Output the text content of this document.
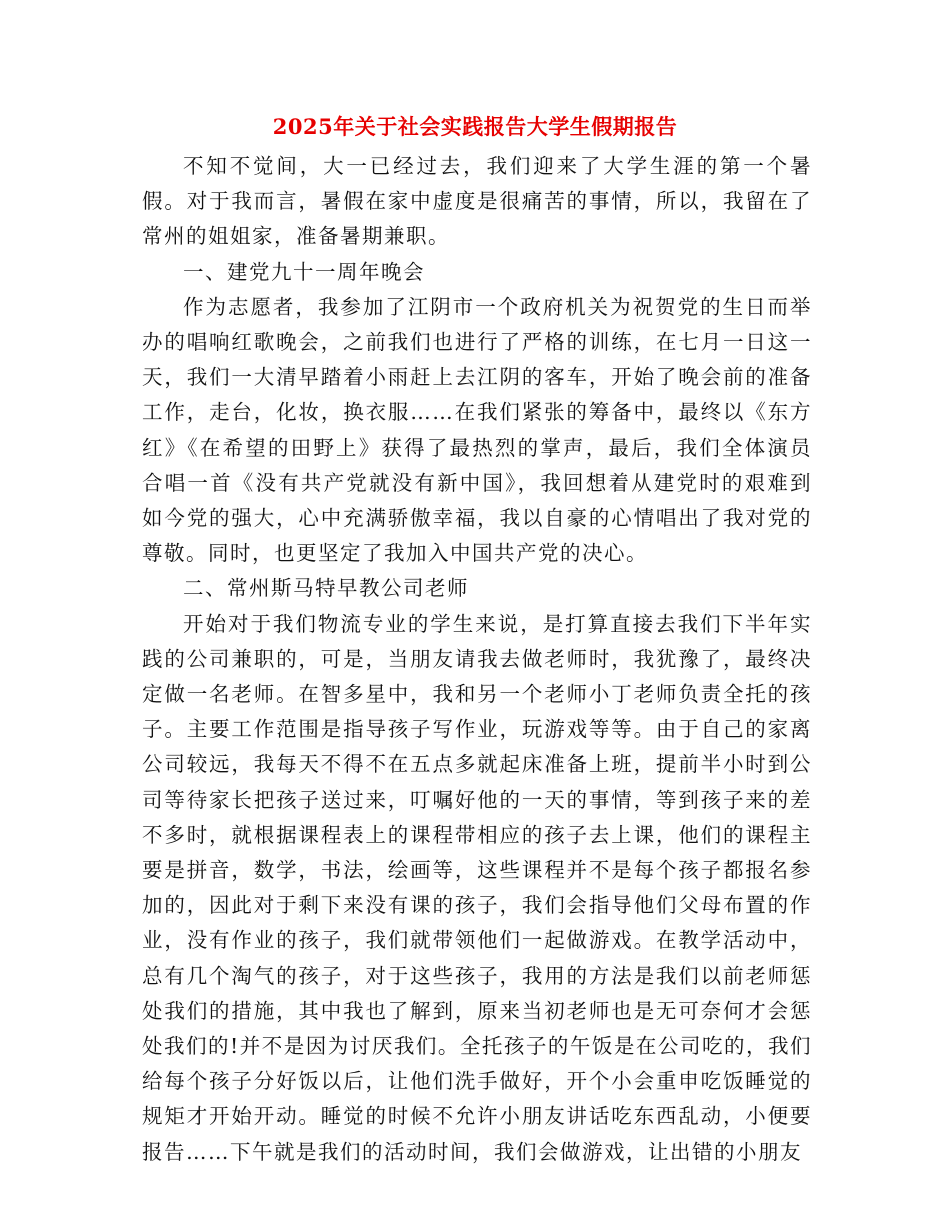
2025年关于社会实践报告大学生假期报告

不知不觉间，大一已经过去，我们迎来了大学生涯的第一个暑假。对于我而言，暑假在家中虚度是很痛苦的事情，所以，我留在了常州的姐姐家，准备暑期兼职。

一、建党九十一周年晚会

作为志愿者，我参加了江阴市一个政府机关为祝贺党的生日而举办的唱响红歌晚会，之前我们也进行了严格的训练，在七月一日这一天，我们一大清早踏着小雨赶上去江阴的客车，开始了晚会前的准备工作，走台，化妆，换衣服……在我们紧张的筹备中，最终以《东方红》《在希望的田野上》获得了最热烈的掌声，最后，我们全体演员合唱一首《没有共产党就没有新中国》，我回想着从建党时的艰难到如今党的强大，心中充满骄傲幸福，我以自豪的心情唱出了我对党的尊敬。同时，也更坚定了我加入中国共产党的决心。

二、常州斯马特早教公司老师

开始对于我们物流专业的学生来说，是打算直接去我们下半年实践的公司兼职的，可是，当朋友请我去做老师时，我犹豫了，最终决定做一名老师。在智多星中，我和另一个老师小丁老师负责全托的孩子。主要工作范围是指导孩子写作业，玩游戏等等。由于自己的家离公司较远，我每天不得不在五点多就起床准备上班，提前半小时到公司等待家长把孩子送过来，叮嘱好他的一天的事情，等到孩子来的差不多时，就根据课程表上的课程带相应的孩子去上课，他们的课程主要是拼音，数学，书法，绘画等，这些课程并不是每个孩子都报名参加的，因此对于剩下来没有课的孩子，我们会指导他们父母布置的作业，没有作业的孩子，我们就带领他们一起做游戏。在教学活动中，总有几个淘气的孩子，对于这些孩子，我用的方法是我们以前老师惩处我们的措施，其中我也了解到，原来当初老师也是无可奈何才会惩处我们的!并不是因为讨厌我们。全托孩子的午饭是在公司吃的，我们给每个孩子分好饭以后，让他们洗手做好，开个小会重申吃饭睡觉的规矩才开始开动。睡觉的时候不允许小朋友讲话吃东西乱动，小便要报告……下午就是我们的活动时间，我们会做游戏，让出错的小朋友
